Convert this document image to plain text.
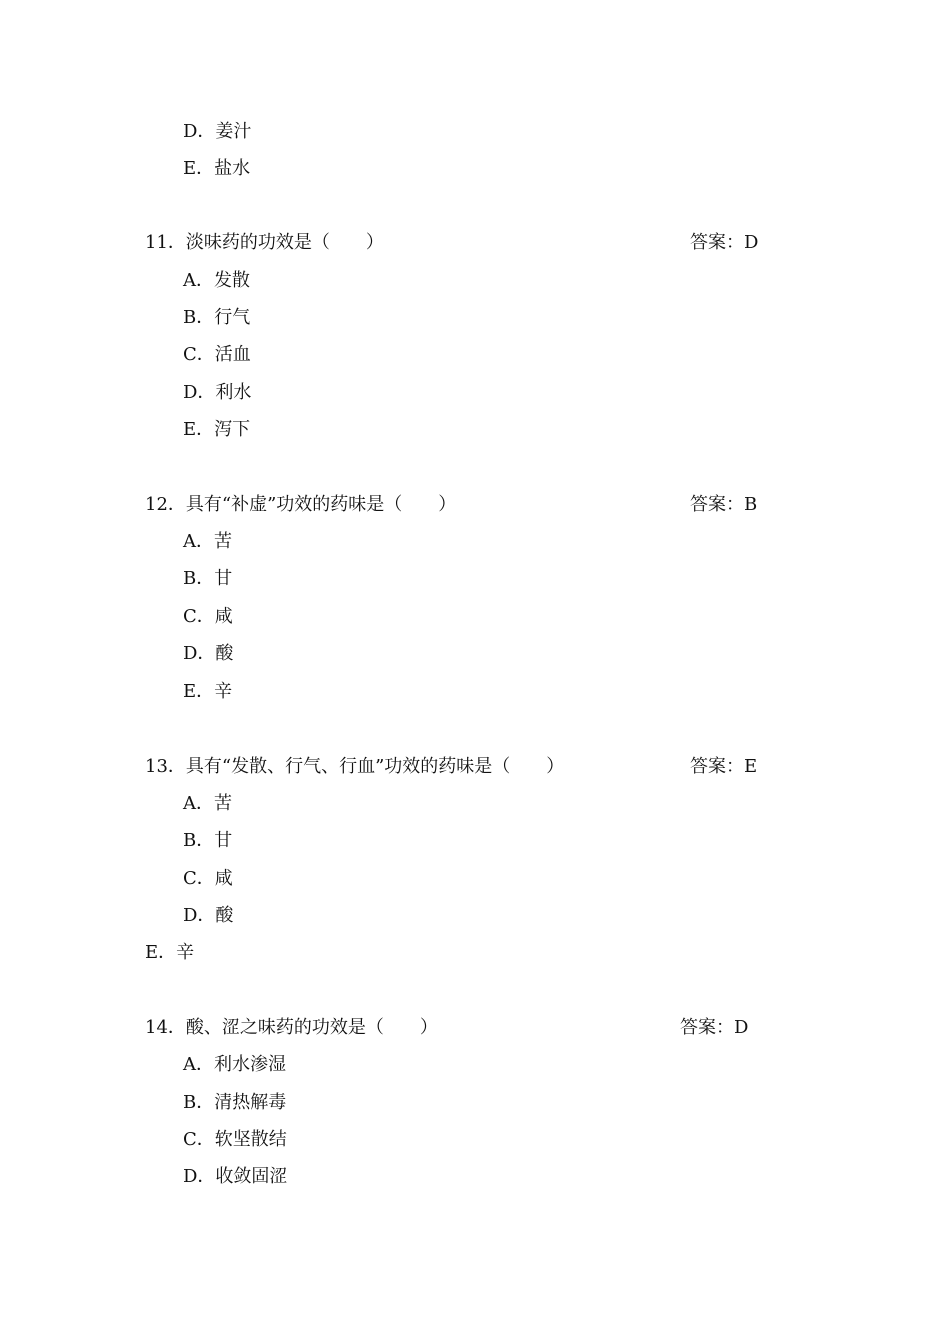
D．姜汁
E．盐水
11．淡味药的功效是（　　）	答案：D
A．发散
B．行气
C．活血
D．利水
E．泻下
12．具有“补虚”功效的药味是（　　）	答案：B
A．苦
B．甘
C．咸
D．酸
E．辛
13．具有“发散、行气、行血”功效的药味是（　　）	答案：E
A．苦
B．甘
C．咸
D．酸
E．辛
14．酸、涩之味药的功效是（　　）	答案：D
A．利水渗湿
B．清热解毒
C．软坚散结
D．收敛固涩
